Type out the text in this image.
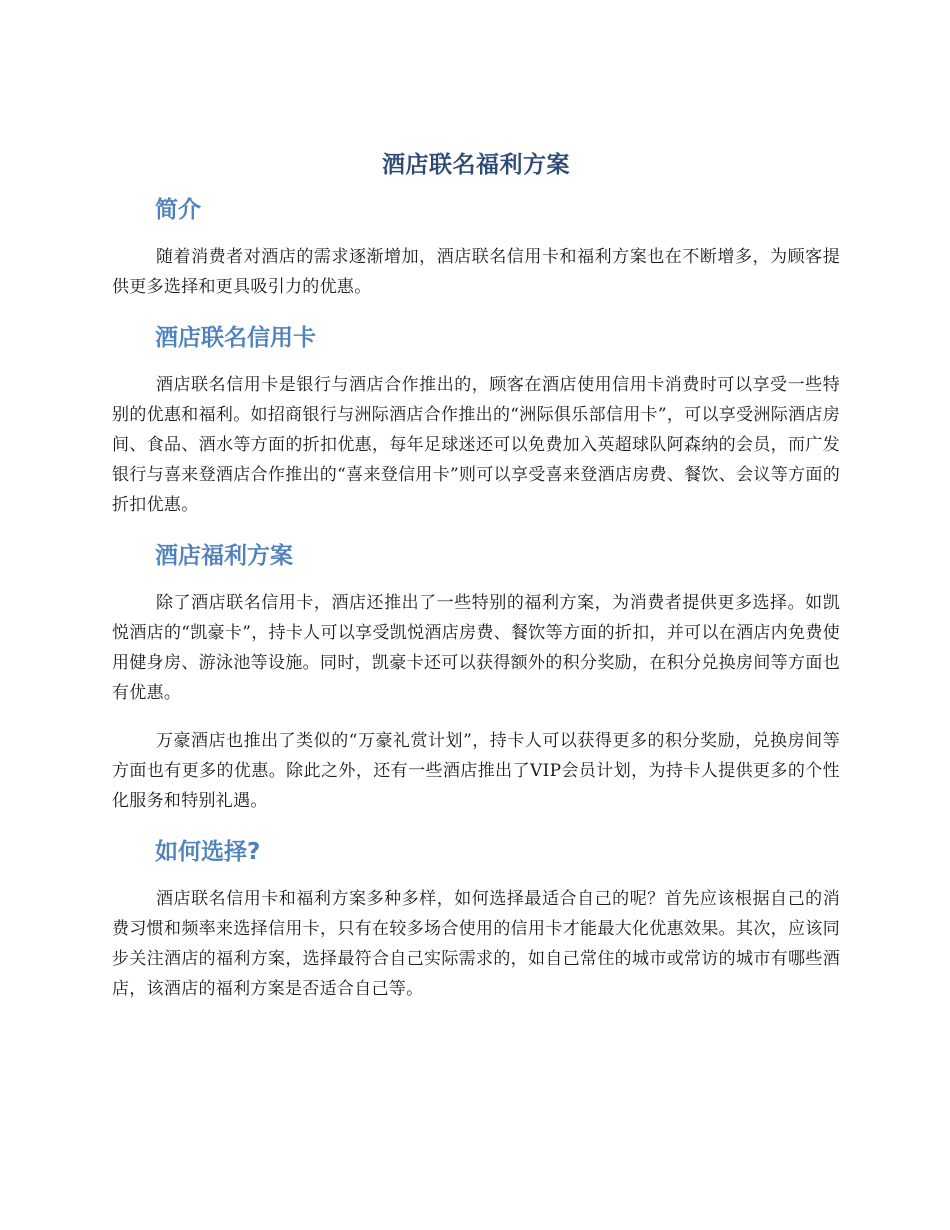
酒店联名福利方案
简介

随着消费者对酒店的需求逐渐增加，酒店联名信用卡和福利方案也在不断增多，为顾客提供更多选择和更具吸引力的优惠。

酒店联名信用卡

酒店联名信用卡是银行与酒店合作推出的，顾客在酒店使用信用卡消费时可以享受一些特别的优惠和福利。如招商银行与洲际酒店合作推出的“洲际俱乐部信用卡”，可以享受洲际酒店房间、食品、酒水等方面的折扣优惠，每年足球迷还可以免费加入英超球队阿森纳的会员，而广发银行与喜来登酒店合作推出的“喜来登信用卡”则可以享受喜来登酒店房费、餐饮、会议等方面的折扣优惠。

酒店福利方案

除了酒店联名信用卡，酒店还推出了一些特别的福利方案，为消费者提供更多选择。如凯悦酒店的“凯豪卡”，持卡人可以享受凯悦酒店房费、餐饮等方面的折扣，并可以在酒店内免费使用健身房、游泳池等设施。同时，凯豪卡还可以获得额外的积分奖励，在积分兑换房间等方面也有优惠。

万豪酒店也推出了类似的“万豪礼赏计划”，持卡人可以获得更多的积分奖励，兑换房间等方面也有更多的优惠。除此之外，还有一些酒店推出了VIP会员计划，为持卡人提供更多的个性化服务和特别礼遇。

如何选择?

酒店联名信用卡和福利方案多种多样，如何选择最适合自己的呢？首先应该根据自己的消费习惯和频率来选择信用卡，只有在较多场合使用的信用卡才能最大化优惠效果。其次，应该同步关注酒店的福利方案，选择最符合自己实际需求的，如自己常住的城市或常访的城市有哪些酒店，该酒店的福利方案是否适合自己等。
